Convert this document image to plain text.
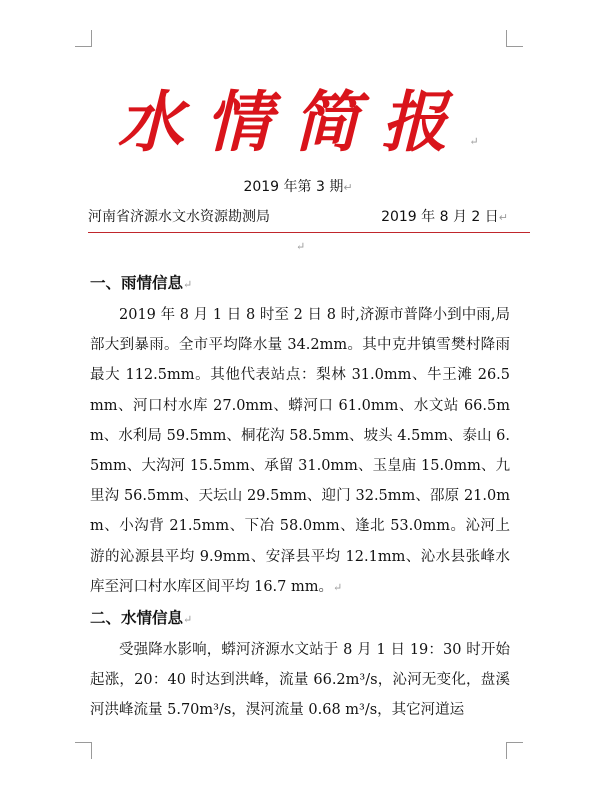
水情简报↵
2019 年第 3 期↵
河南省济源水文水资源勘测局	2019 年 8 月 2 日↵
↵

一、雨情信息↵

2019 年 8 月 1 日 8 时至 2 日 8 时,济源市普降小到中雨,局部大到暴雨。全市平均降水量 34.2mm。其中克井镇雪樊村降雨最大 112.5mm。其他代表站点：梨林 31.0mm、牛王滩 26.5mm、河口村水库 27.0mm、蟒河口 61.0mm、水文站 66.5mm、水利局 59.5mm、桐花沟 58.5mm、坡头 4.5mm、泰山 6.5mm、大沟河 15.5mm、承留 31.0mm、玉皇庙 15.0mm、九里沟 56.5mm、天坛山 29.5mm、迎门 32.5mm、邵原 21.0mm、小沟背 21.5mm、下冶 58.0mm、逢北 53.0mm。沁河上游的沁源县平均 9.9mm、安泽县平均 12.1mm、沁水县张峰水库至河口村水库区间平均 16.7 mm。↵

二、水情信息↵

受强降水影响，蟒河济源水文站于 8 月 1 日 19：30 时开始起涨，20：40 时达到洪峰，流量 66.2m³/s，沁河无变化，盘溪河洪峰流量 5.70m³/s，湨河流量 0.68 m³/s，其它河道运
